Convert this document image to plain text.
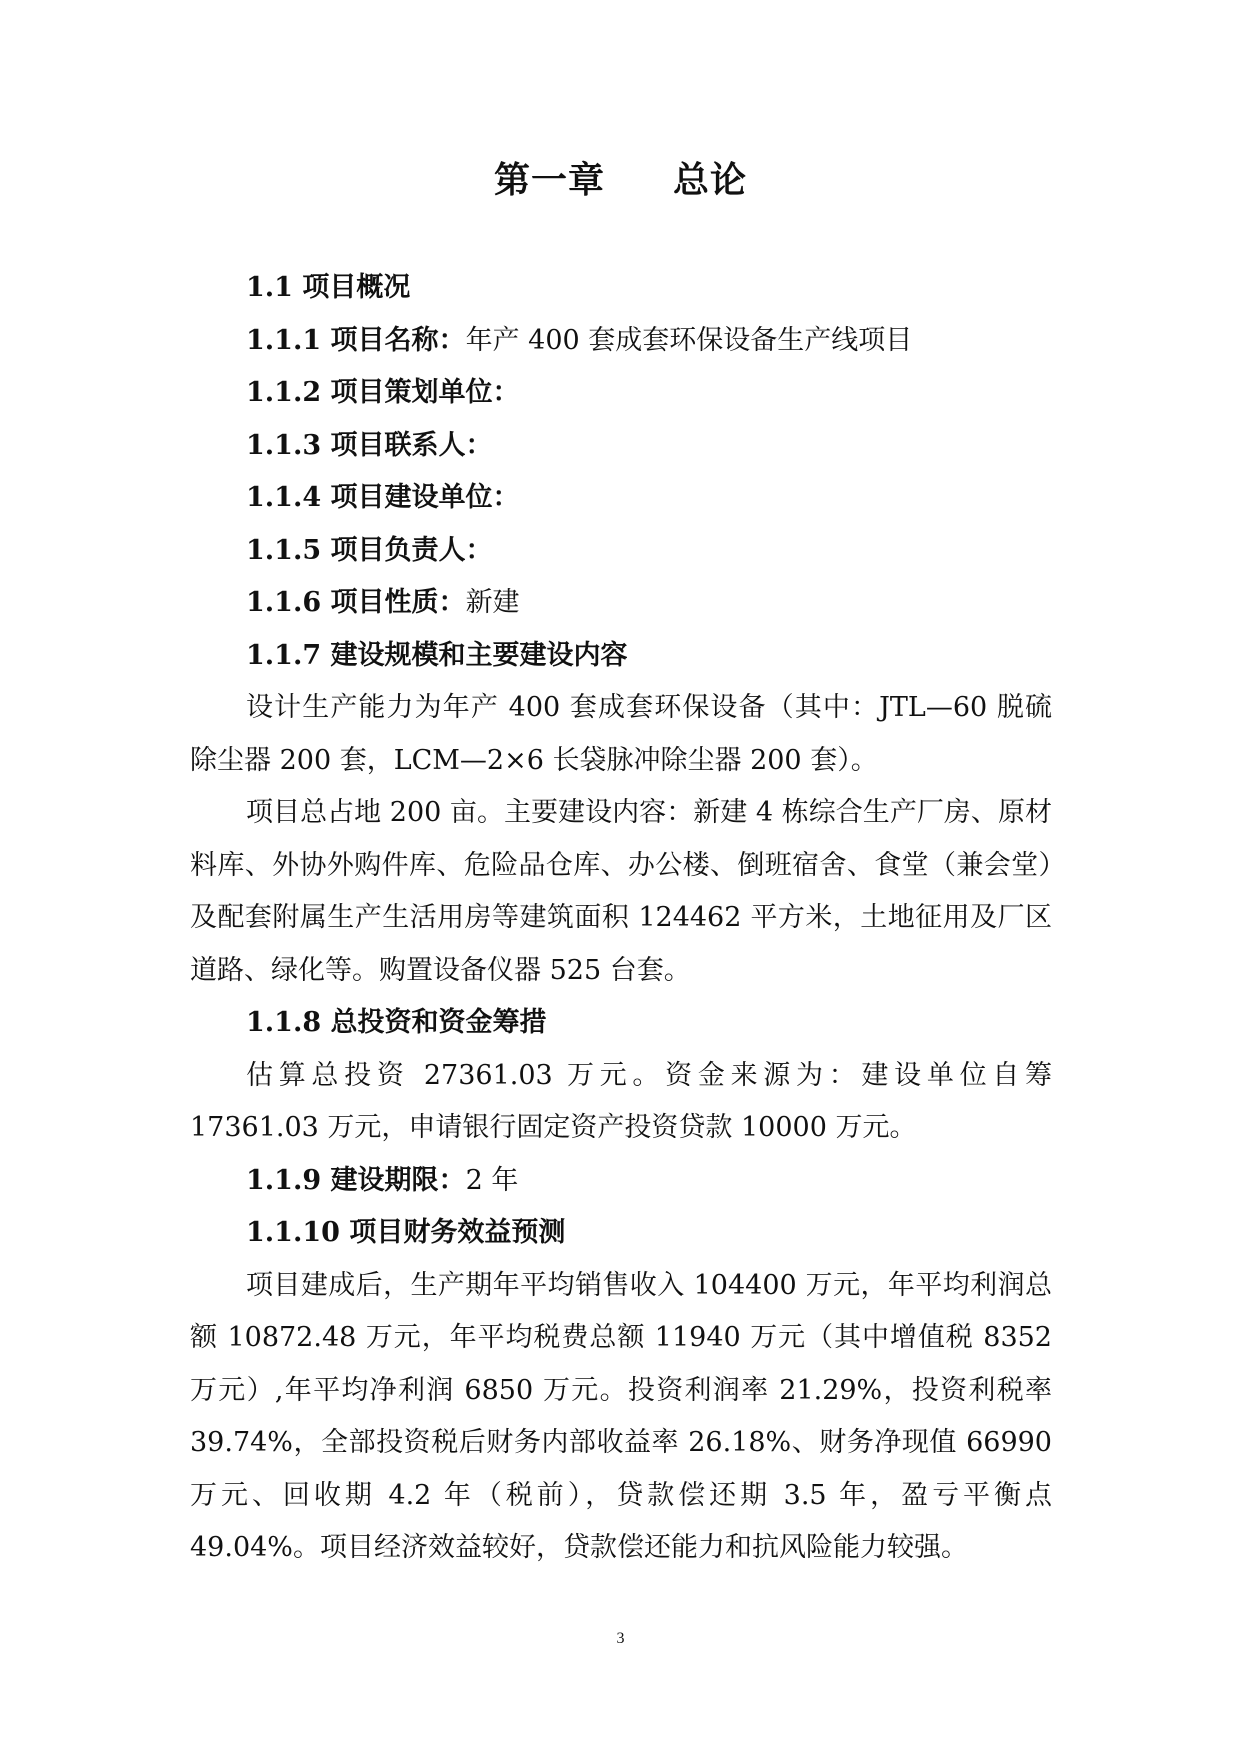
第一章 总论

1.1 项目概况

1.1.1 项目名称：年产 400 套成套环保设备生产线项目

1.1.2 项目策划单位：

1.1.3 项目联系人：

1.1.4 项目建设单位：

1.1.5 项目负责人：

1.1.6 项目性质：新建

1.1.7 建设规模和主要建设内容

设计生产能力为年产 400 套成套环保设备（其中：JTL—60 脱硫除尘器 200 套，LCM—2×6 长袋脉冲除尘器 200 套）。

项目总占地 200 亩。主要建设内容：新建 4 栋综合生产厂房、原材料库、外协外购件库、危险品仓库、办公楼、倒班宿舍、食堂（兼会堂）及配套附属生产生活用房等建筑面积 124462 平方米，土地征用及厂区道路、绿化等。购置设备仪器 525 台套。

1.1.8 总投资和资金筹措

估算总投资 27361.03 万元。资金来源为：建设单位自筹 17361.03 万元，申请银行固定资产投资贷款 10000 万元。

1.1.9 建设期限：2 年

1.1.10 项目财务效益预测

项目建成后，生产期年平均销售收入 104400 万元，年平均利润总额 10872.48 万元，年平均税费总额 11940 万元（其中增值税 8352 万元）,年平均净利润 6850 万元。投资利润率 21.29%，投资利税率 39.74%，全部投资税后财务内部收益率 26.18%、财务净现值 66990 万元、回收期 4.2 年（税前），贷款偿还期 3.5 年，盈亏平衡点 49.04%。项目经济效益较好，贷款偿还能力和抗风险能力较强。

3
